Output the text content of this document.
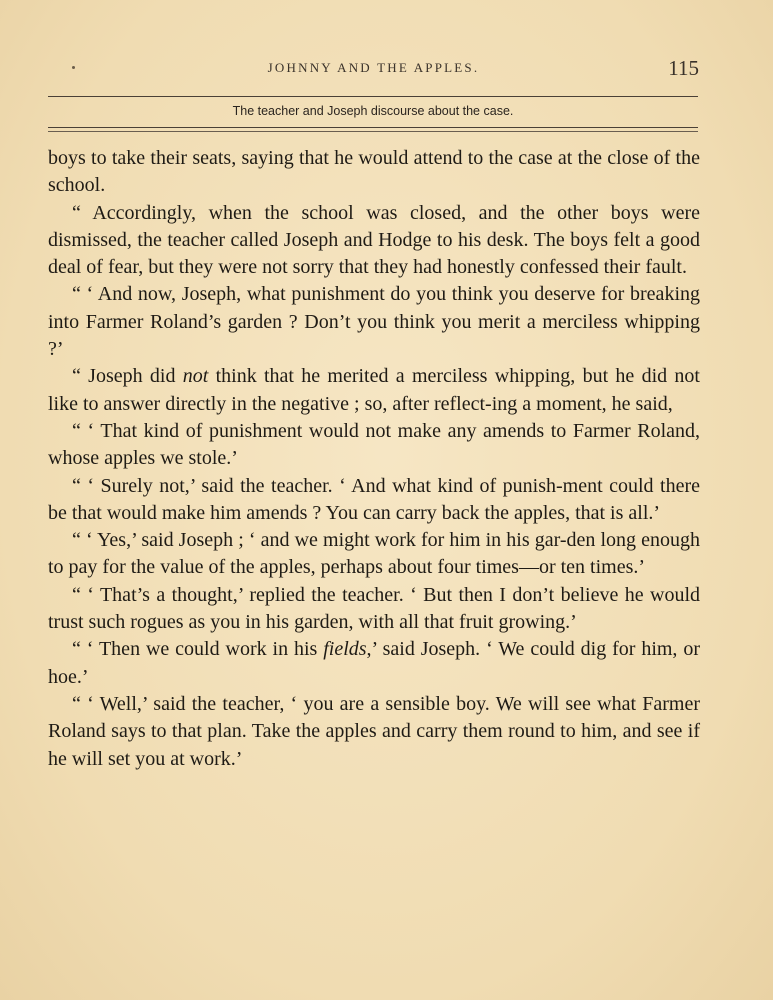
JOHNNY AND THE APPLES.	115
The teacher and Joseph discourse about the case.

boys to take their seats, saying that he would attend to the case at the close of the school.

“ Accordingly, when the school was closed, and the other boys were dismissed, the teacher called Joseph and Hodge to his desk. The boys felt a good deal of fear, but they were not sorry that they had honestly confessed their fault.

“ ‘ And now, Joseph, what punishment do you think you deserve for breaking into Farmer Roland’s garden ? Don’t you think you merit a merciless whipping ?’

“ Joseph did not think that he merited a merciless whipping, but he did not like to answer directly in the negative ; so, after reflect-ing a moment, he said,

“ ‘ That kind of punishment would not make any amends to Farmer Roland, whose apples we stole.’

“ ‘ Surely not,’ said the teacher. ‘ And what kind of punish-ment could there be that would make him amends ? You can carry back the apples, that is all.’

“ ‘ Yes,’ said Joseph ; ‘ and we might work for him in his gar-den long enough to pay for the value of the apples, perhaps about four times—or ten times.’

“ ‘ That’s a thought,’ replied the teacher. ‘ But then I don’t believe he would trust such rogues as you in his garden, with all that fruit growing.’

“ ‘ Then we could work in his fields,’ said Joseph. ‘ We could dig for him, or hoe.’

“ ‘ Well,’ said the teacher, ‘ you are a sensible boy. We will see what Farmer Roland says to that plan. Take the apples and carry them round to him, and see if he will set you at work.’
